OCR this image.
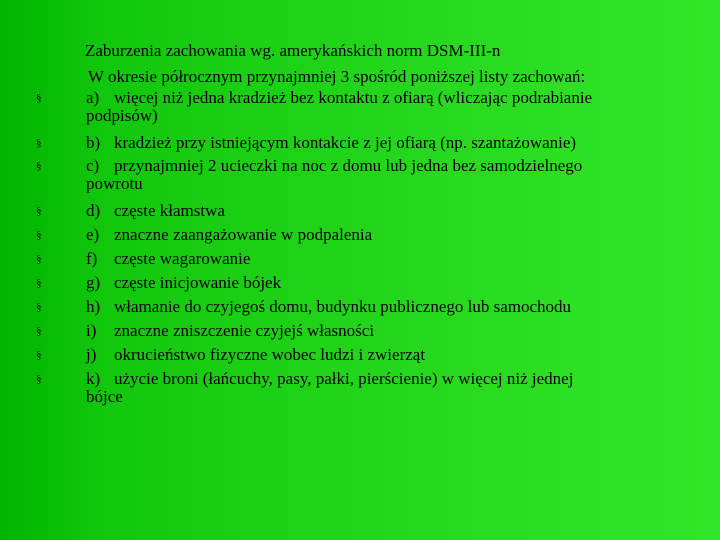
Zaburzenia zachowania wg. amerykańskich norm DSM-III-n
W okresie półrocznym przynajmniej 3 spośród poniższej listy zachowań:
§	a) więcej niż jedna kradzież bez kontaktu z ofiarą (wliczając podrabianie
podpisów)
§	b) kradzież przy istniejącym kontakcie z jej ofiarą (np. szantażowanie)
§	c) przynajmniej 2 ucieczki na noc z domu lub jedna bez samodzielnego
powrotu
§	d) częste kłamstwa
§	e) znaczne zaangażowanie w podpalenia
§	f) częste wagarowanie
§	g) częste inicjowanie bójek
§	h) włamanie do czyjegoś domu, budynku publicznego lub samochodu
§	i) znaczne zniszczenie czyjejś własności
§	j) okrucieństwo fizyczne wobec ludzi i zwierząt
§	k) użycie broni (łańcuchy, pasy, pałki, pierścienie) w więcej niż jednej
bójce
